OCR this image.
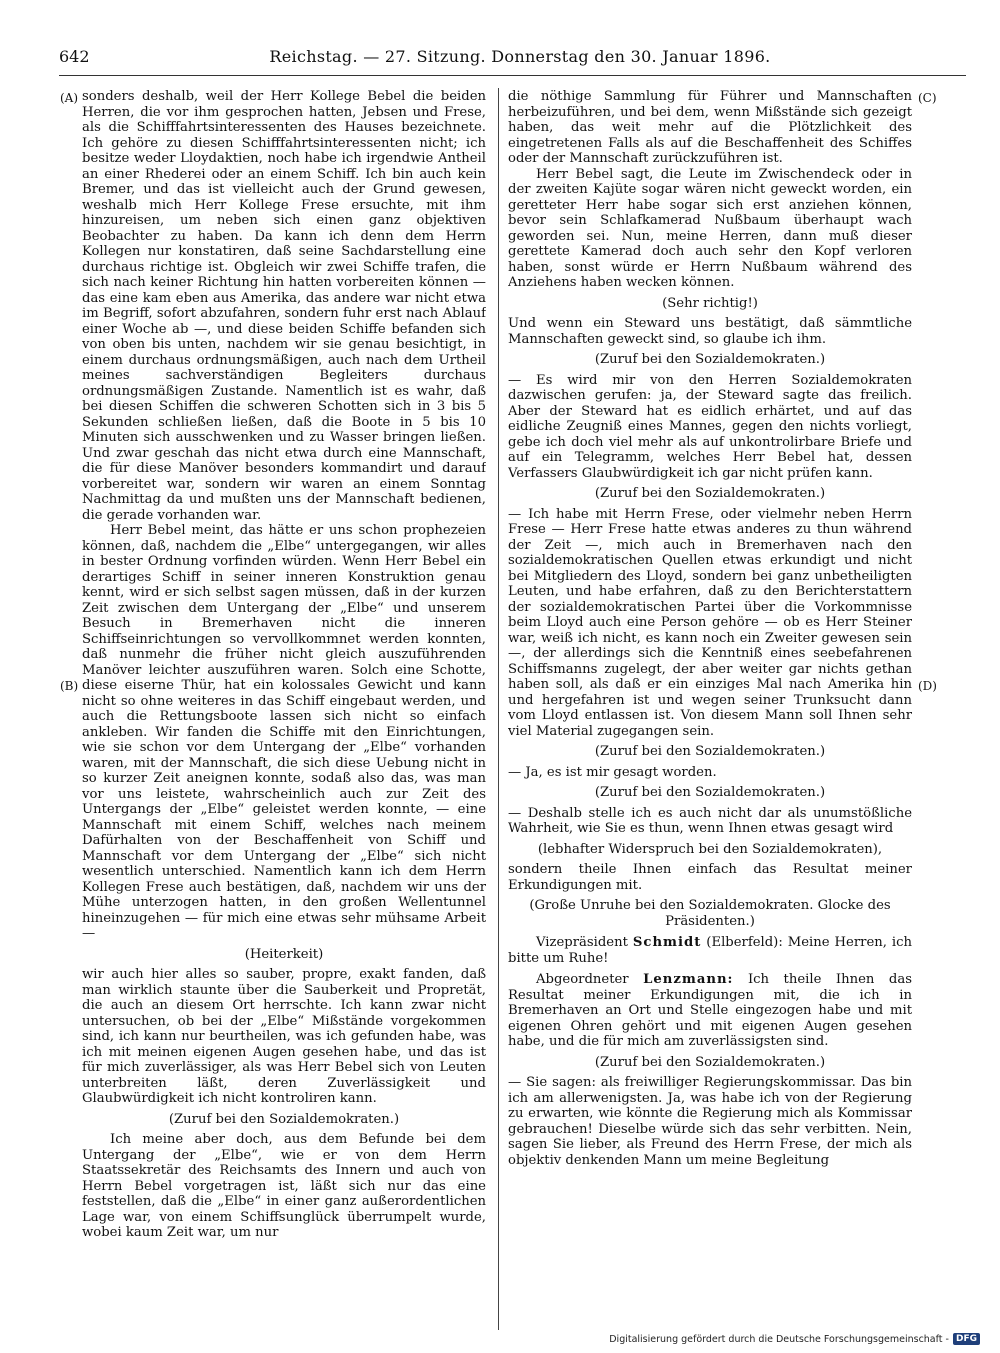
642	Reichstag. — 27. Sitzung. Donnerstag den 30. Januar 1896.
(A)
(B)
(C)
(D)

sonders deshalb, weil der Herr Kollege Bebel die beiden Herren, die vor ihm gesprochen hatten, Jebsen und Frese, als die Schifffahrtsinteressenten des Hauses bezeichnete. Ich gehöre zu diesen Schifffahrtsinteressenten nicht; ich besitze weder Lloydaktien, noch habe ich irgendwie Antheil an einer Rhederei oder an einem Schiff. Ich bin auch kein Bremer, und das ist vielleicht auch der Grund gewesen, weshalb mich Herr Kollege Frese ersuchte, mit ihm hinzureisen, um neben sich einen ganz objektiven Beobachter zu haben. Da kann ich denn dem Herrn Kollegen nur konstatiren, daß seine Sachdarstellung eine durchaus richtige ist. Obgleich wir zwei Schiffe trafen, die sich nach keiner Richtung hin hatten vorbereiten können — das eine kam eben aus Amerika, das andere war nicht etwa im Begriff, sofort abzufahren, sondern fuhr erst nach Ablauf einer Woche ab —, und diese beiden Schiffe befanden sich von oben bis unten, nachdem wir sie genau besichtigt, in einem durchaus ordnungsmäßigen, auch nach dem Urtheil meines sachverständigen Begleiters durchaus ordnungsmäßigen Zustande. Namentlich ist es wahr, daß bei diesen Schiffen die schweren Schotten sich in 3 bis 5 Sekunden schließen ließen, daß die Boote in 5 bis 10 Minuten sich ausschwenken und zu Wasser bringen ließen. Und zwar geschah das nicht etwa durch eine Mannschaft, die für diese Manöver besonders kommandirt und darauf vorbereitet war, sondern wir waren an einem Sonntag Nachmittag da und mußten uns der Mannschaft bedienen, die gerade vorhanden war.

Herr Bebel meint, das hätte er uns schon prophezeien können, daß, nachdem die „Elbe“ untergegangen, wir alles in bester Ordnung vorfinden würden. Wenn Herr Bebel ein derartiges Schiff in seiner inneren Konstruktion genau kennt, wird er sich selbst sagen müssen, daß in der kurzen Zeit zwischen dem Untergang der „Elbe“ und unserem Besuch in Bremerhaven nicht die inneren Schiffseinrichtungen so vervollkommnet werden konnten, daß nunmehr die früher nicht gleich auszuführenden Manöver leichter auszuführen waren. Solch eine Schotte, diese eiserne Thür, hat ein kolossales Gewicht und kann nicht so ohne weiteres in das Schiff eingebaut werden, und auch die Rettungsboote lassen sich nicht so einfach ankleben. Wir fanden die Schiffe mit den Einrichtungen, wie sie schon vor dem Untergang der „Elbe“ vorhanden waren, mit der Mannschaft, die sich diese Uebung nicht in so kurzer Zeit aneignen konnte, sodaß also das, was man vor uns leistete, wahrscheinlich auch zur Zeit des Untergangs der „Elbe“ geleistet werden konnte, — eine Mannschaft mit einem Schiff, welches nach meinem Dafürhalten von der Beschaffenheit von Schiff und Mannschaft vor dem Untergang der „Elbe“ sich nicht wesentlich unterschied. Namentlich kann ich dem Herrn Kollegen Frese auch bestätigen, daß, nachdem wir uns der Mühe unterzogen hatten, in den großen Wellentunnel hineinzugehen — für mich eine etwas sehr mühsame Arbeit —

(Heiterkeit)

wir auch hier alles so sauber, propre, exakt fanden, daß man wirklich staunte über die Sauberkeit und Propretät, die auch an diesem Ort herrschte. Ich kann zwar nicht untersuchen, ob bei der „Elbe“ Mißstände vorgekommen sind, ich kann nur beurtheilen, was ich gefunden habe, was ich mit meinen eigenen Augen gesehen habe, und das ist für mich zuverlässiger, als was Herr Bebel sich von Leuten unterbreiten läßt, deren Zuverlässigkeit und Glaubwürdigkeit ich nicht kontroliren kann.

(Zuruf bei den Sozialdemokraten.)

Ich meine aber doch, aus dem Befunde bei dem Untergang der „Elbe“, wie er von dem Herrn Staatssekretär des Reichsamts des Innern und auch von Herrn Bebel vorgetragen ist, läßt sich nur das eine feststellen, daß die „Elbe“ in einer ganz außerordentlichen Lage war, von einem Schiffsunglück überrumpelt wurde, wobei kaum Zeit war, um nur

die nöthige Sammlung für Führer und Mannschaften herbeizuführen, und bei dem, wenn Mißstände sich gezeigt haben, das weit mehr auf die Plötzlichkeit des eingetretenen Falls als auf die Beschaffenheit des Schiffes oder der Mannschaft zurückzuführen ist.

Herr Bebel sagt, die Leute im Zwischendeck oder in der zweiten Kajüte sogar wären nicht geweckt worden, ein geretteter Herr habe sogar sich erst anziehen können, bevor sein Schlafkamerad Nußbaum überhaupt wach geworden sei. Nun, meine Herren, dann muß dieser gerettete Kamerad doch auch sehr den Kopf verloren haben, sonst würde er Herrn Nußbaum während des Anziehens haben wecken können.

(Sehr richtig!)

Und wenn ein Steward uns bestätigt, daß sämmtliche Mannschaften geweckt sind, so glaube ich ihm.

(Zuruf bei den Sozialdemokraten.)

— Es wird mir von den Herren Sozialdemokraten dazwischen gerufen: ja, der Steward sagte das freilich. Aber der Steward hat es eidlich erhärtet, und auf das eidliche Zeugniß eines Mannes, gegen den nichts vorliegt, gebe ich doch viel mehr als auf unkontrolirbare Briefe und auf ein Telegramm, welches Herr Bebel hat, dessen Verfassers Glaubwürdigkeit ich gar nicht prüfen kann.

(Zuruf bei den Sozialdemokraten.)

— Ich habe mit Herrn Frese, oder vielmehr neben Herrn Frese — Herr Frese hatte etwas anderes zu thun während der Zeit —, mich auch in Bremerhaven nach den sozialdemokratischen Quellen etwas erkundigt und nicht bei Mitgliedern des Lloyd, sondern bei ganz unbetheiligten Leuten, und habe erfahren, daß zu den Berichterstattern der sozialdemokratischen Partei über die Vorkommnisse beim Lloyd auch eine Person gehöre — ob es Herr Steiner war, weiß ich nicht, es kann noch ein Zweiter gewesen sein —, der allerdings sich die Kenntniß eines seebefahrenen Schiffsmanns zugelegt, der aber weiter gar nichts gethan haben soll, als daß er ein einziges Mal nach Amerika hin und hergefahren ist und wegen seiner Trunksucht dann vom Lloyd entlassen ist. Von diesem Mann soll Ihnen sehr viel Material zugegangen sein.

(Zuruf bei den Sozialdemokraten.)

— Ja, es ist mir gesagt worden.

(Zuruf bei den Sozialdemokraten.)

— Deshalb stelle ich es auch nicht dar als unumstößliche Wahrheit, wie Sie es thun, wenn Ihnen etwas gesagt wird

(lebhafter Widerspruch bei den Sozialdemokraten),

sondern theile Ihnen einfach das Resultat meiner Erkundigungen mit.

(Große Unruhe bei den Sozialdemokraten. Glocke des Präsidenten.)

Vizepräsident Schmidt (Elberfeld): Meine Herren, ich bitte um Ruhe!

Abgeordneter Lenzmann: Ich theile Ihnen das Resultat meiner Erkundigungen mit, die ich in Bremerhaven an Ort und Stelle eingezogen habe und mit eigenen Ohren gehört und mit eigenen Augen gesehen habe, und die für mich am zuverlässigsten sind.

(Zuruf bei den Sozialdemokraten.)

— Sie sagen: als freiwilliger Regierungskommissar. Das bin ich am allerwenigsten. Ja, was habe ich von der Regierung zu erwarten, wie könnte die Regierung mich als Kommissar gebrauchen! Dieselbe würde sich das sehr verbitten. Nein, sagen Sie lieber, als Freund des Herrn Frese, der mich als objektiv denkenden Mann um meine Begleitung

Digitalisierung gefördert durch die Deutsche Forschungsgemeinschaft - DFG
